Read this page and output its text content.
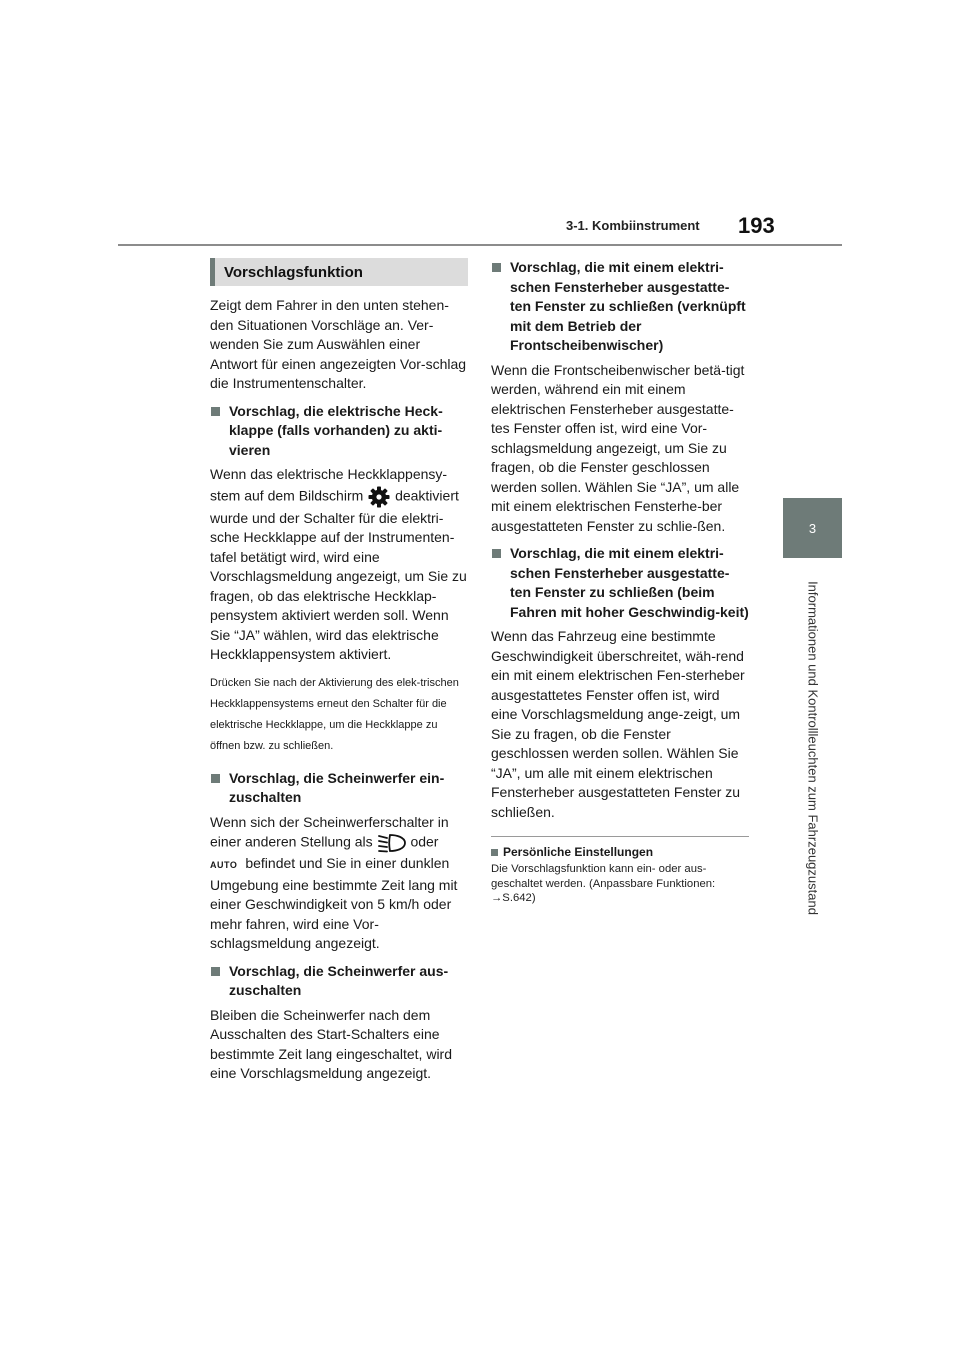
3-1. Kombiinstrument 193
3
Informationen und Kontrollleuchten zum Fahrzeugzustand
Vorschlagsfunktion

Zeigt dem Fahrer in den unten stehen-den Situationen Vorschläge an. Ver-wenden Sie zum Auswählen einer Antwort für einen angezeigten Vor-schlag die Instrumentenschalter.

Vorschlag, die elektrische Heck-klappe (falls vorhanden) zu akti-vieren

Wenn das elektrische Heckklappensy-stem auf dem Bildschirm deaktiviert wurde und der Schalter für die elektri-sche Heckklappe auf der Instrumenten-tafel betätigt wird, wird eine Vorschlagsmeldung angezeigt, um Sie zu fragen, ob das elektrische Heckklap-pensystem aktiviert werden soll. Wenn Sie “JA” wählen, wird das elektrische Heckklappensystem aktiviert.

Drücken Sie nach der Aktivierung des elek-trischen Heckklappensystems erneut den Schalter für die elektrische Heckklappe, um die Heckklappe zu öffnen bzw. zu schließen.

Vorschlag, die Scheinwerfer ein-zuschalten

Wenn sich der Scheinwerferschalter in einer anderen Stellung als	oder
AUTO befindet und Sie in einer dunklen Umgebung eine bestimmte Zeit lang mit einer Geschwindigkeit von 5 km/h oder mehr fahren, wird eine Vor-schlagsmeldung angezeigt.

Vorschlag, die Scheinwerfer aus-zuschalten

Bleiben die Scheinwerfer nach dem Ausschalten des Start-Schalters eine bestimmte Zeit lang eingeschaltet, wird eine Vorschlagsmeldung angezeigt.

Vorschlag, die mit einem elektri-schen Fensterheber ausgestatte-ten Fenster zu schließen (verknüpft mit dem Betrieb der Frontscheibenwischer)

Wenn die Frontscheibenwischer betä-tigt werden, während ein mit einem elektrischen Fensterheber ausgestatte-tes Fenster offen ist, wird eine Vor-schlagsmeldung angezeigt, um Sie zu fragen, ob die Fenster geschlossen werden sollen. Wählen Sie “JA”, um alle mit einem elektrischen Fensterhe-ber ausgestatteten Fenster zu schlie-ßen.

Vorschlag, die mit einem elektri-schen Fensterheber ausgestatte-ten Fenster zu schließen (beim Fahren mit hoher Geschwindig-keit)

Wenn das Fahrzeug eine bestimmte Geschwindigkeit überschreitet, wäh-rend ein mit einem elektrischen Fen-sterheber ausgestattetes Fenster offen ist, wird eine Vorschlagsmeldung ange-zeigt, um Sie zu fragen, ob die Fenster geschlossen werden sollen. Wählen Sie “JA”, um alle mit einem elektrischen Fensterheber ausgestatteten Fenster zu schließen.

Persönliche Einstellungen
Die Vorschlagsfunktion kann ein- oder aus-geschaltet werden. (Anpassbare Funktionen: →S.642)
